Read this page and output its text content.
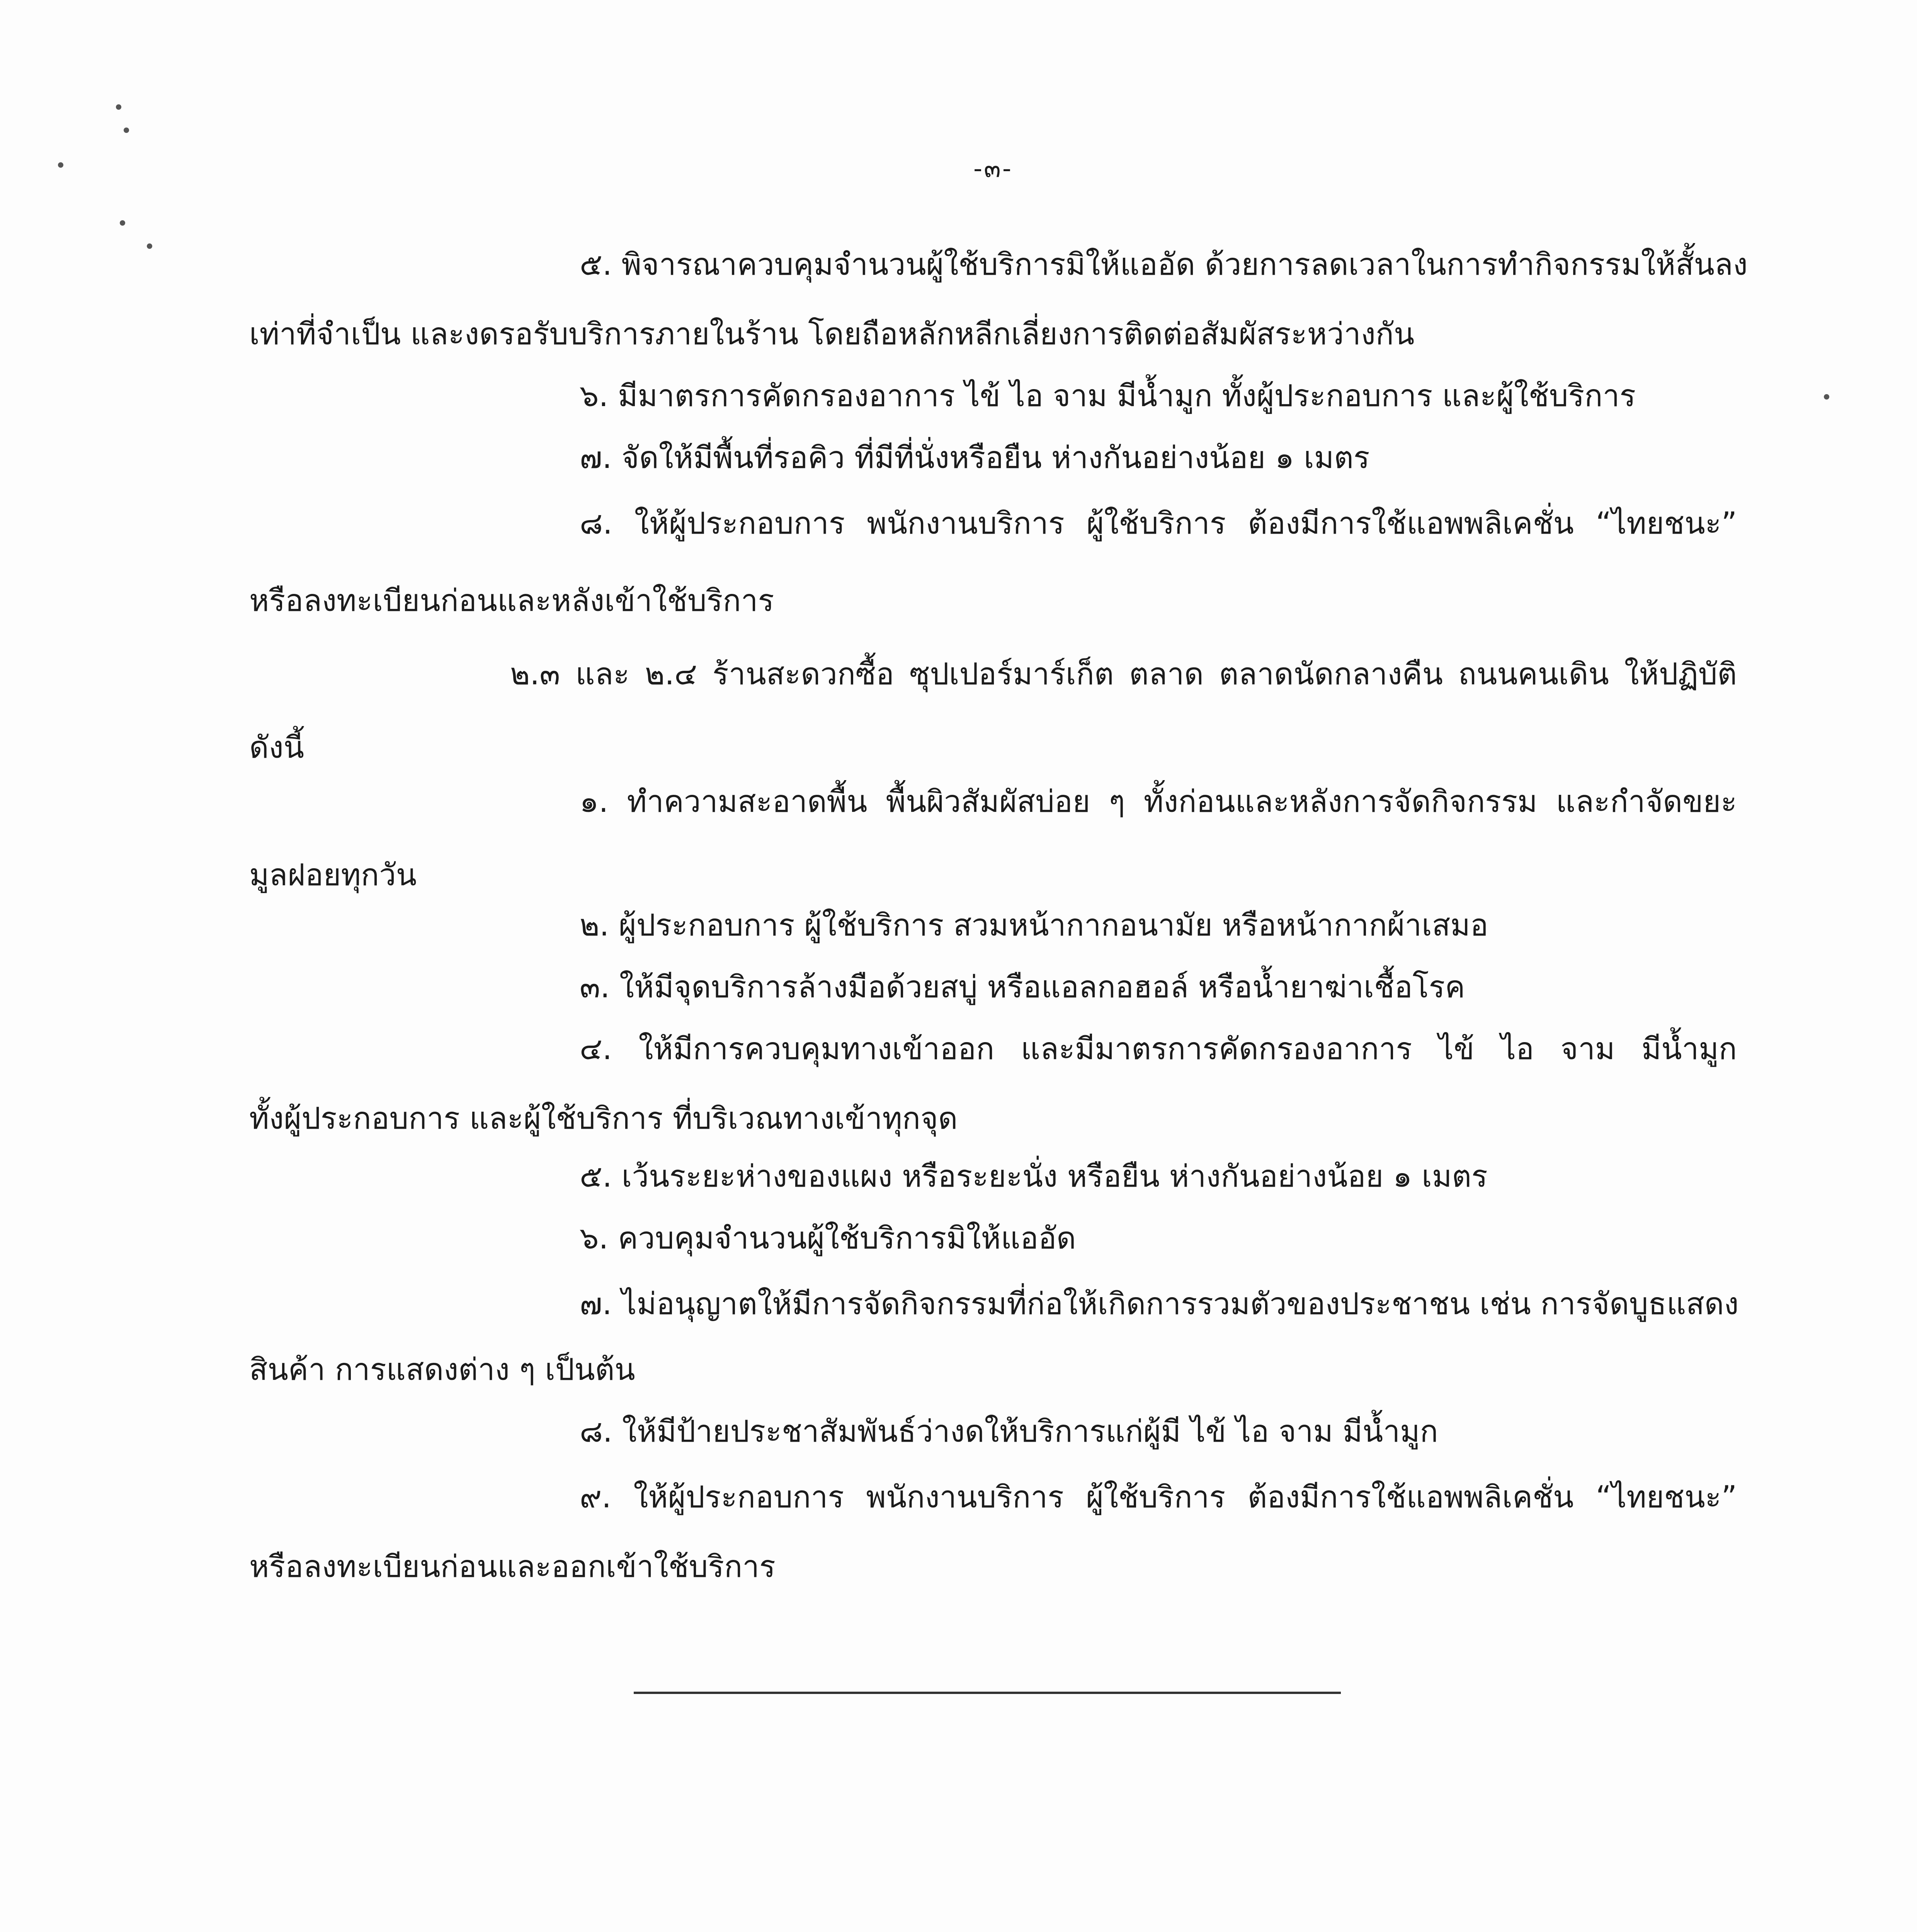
-๓-
๕. พิจารณาควบคุมจำนวนผู้ใช้บริการมิให้แออัด ด้วยการลดเวลาในการทำกิจกรรมให้สั้นลง
เท่าที่จำเป็น และงดรอรับบริการภายในร้าน โดยถือหลักหลีกเลี่ยงการติดต่อสัมผัสระหว่างกัน
๖. มีมาตรการคัดกรองอาการ ไข้ ไอ จาม มีน้ำมูก ทั้งผู้ประกอบการ และผู้ใช้บริการ
๗. จัดให้มีพื้นที่รอคิว ที่มีที่นั่งหรือยืน ห่างกันอย่างน้อย ๑ เมตร
๘. ให้ผู้ประกอบการ พนักงานบริการ ผู้ใช้บริการ ต้องมีการใช้แอพพลิเคชั่น “ไทยชนะ”
หรือลงทะเบียนก่อนและหลังเข้าใช้บริการ
๒.๓ และ ๒.๔ ร้านสะดวกซื้อ ซุปเปอร์มาร์เก็ต ตลาด ตลาดนัดกลางคืน ถนนคนเดิน ให้ปฏิบัติ
ดังนี้
๑. ทำความสะอาดพื้น พื้นผิวสัมผัสบ่อย ๆ ทั้งก่อนและหลังการจัดกิจกรรม และกำจัดขยะ
มูลฝอยทุกวัน
๒. ผู้ประกอบการ ผู้ใช้บริการ สวมหน้ากากอนามัย หรือหน้ากากผ้าเสมอ
๓. ให้มีจุดบริการล้างมือด้วยสบู่ หรือแอลกอฮอล์ หรือน้ำยาฆ่าเชื้อโรค
๔. ให้มีการควบคุมทางเข้าออก และมีมาตรการคัดกรองอาการ ไข้ ไอ จาม มีน้ำมูก
ทั้งผู้ประกอบการ และผู้ใช้บริการ ที่บริเวณทางเข้าทุกจุด
๕. เว้นระยะห่างของแผง หรือระยะนั่ง หรือยืน ห่างกันอย่างน้อย ๑ เมตร
๖. ควบคุมจำนวนผู้ใช้บริการมิให้แออัด
๗. ไม่อนุญาตให้มีการจัดกิจกรรมที่ก่อให้เกิดการรวมตัวของประชาชน เช่น การจัดบูธแสดง
สินค้า การแสดงต่าง ๆ เป็นต้น
๘. ให้มีป้ายประชาสัมพันธ์ว่างดให้บริการแก่ผู้มี ไข้ ไอ จาม มีน้ำมูก
๙. ให้ผู้ประกอบการ พนักงานบริการ ผู้ใช้บริการ ต้องมีการใช้แอพพลิเคชั่น “ไทยชนะ”
หรือลงทะเบียนก่อนและออกเข้าใช้บริการ
